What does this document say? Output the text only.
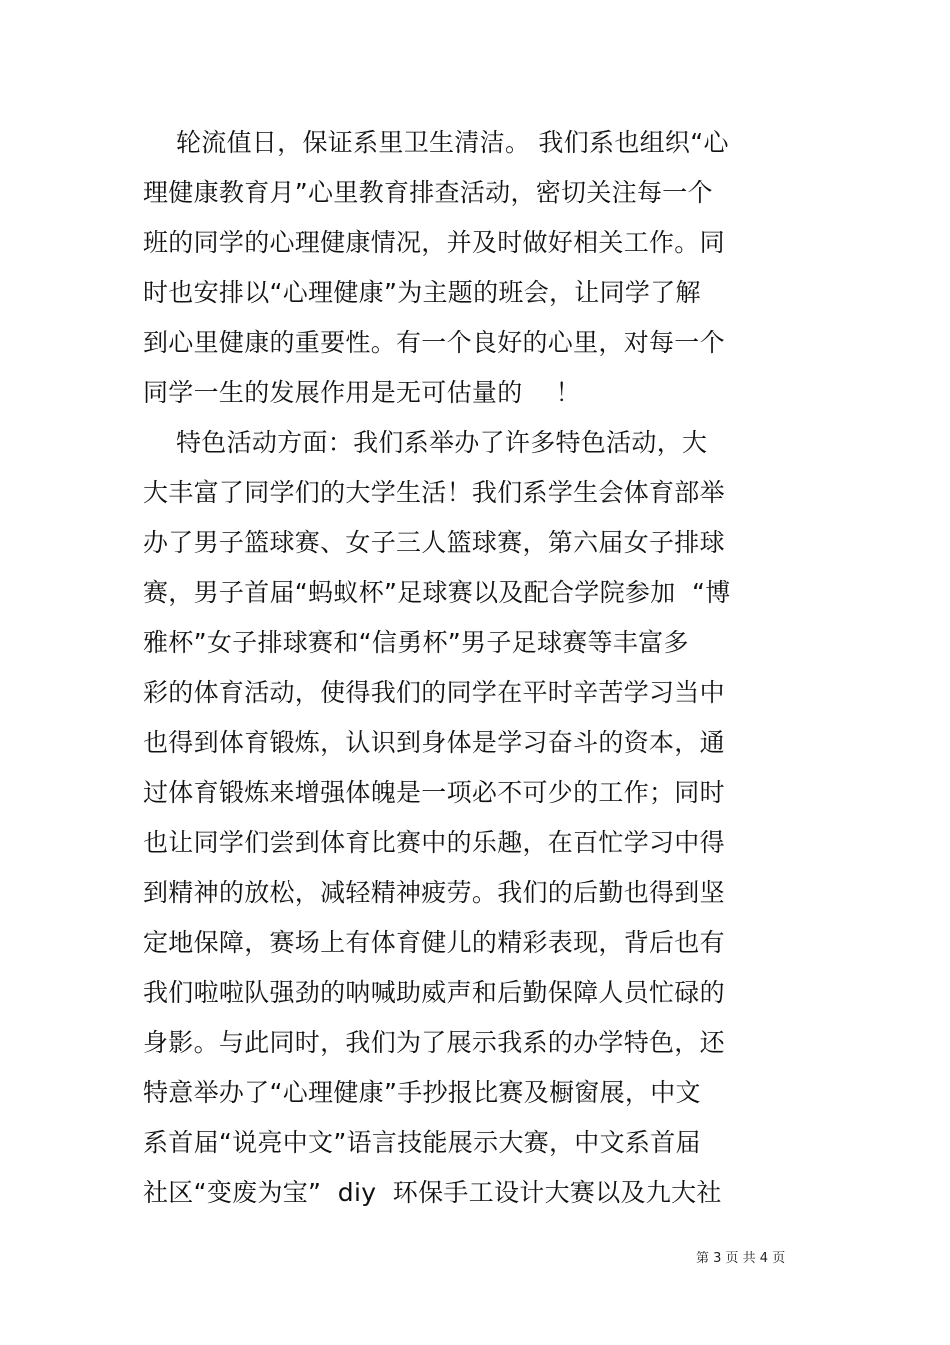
轮流值日，保证系里卫生清洁。 我们系也组织“心
理健康教育月”心里教育排查活动，密切关注每一个
班的同学的心理健康情况，并及时做好相关工作。同
时也安排以“心理健康”为主题的班会，让同学了解
到心里健康的重要性。有一个良好的心里，对每一个
同学一生的发展作用是无可估量的    ！
特色活动方面：我们系举办了许多特色活动，大
大丰富了同学们的大学生活！我们系学生会体育部举
办了男子篮球赛、女子三人篮球赛，第六届女子排球
赛，男子首届“蚂蚁杯”足球赛以及配合学院参加  “博
雅杯”女子排球赛和“信勇杯”男子足球赛等丰富多
彩的体育活动，使得我们的同学在平时辛苦学习当中
也得到体育锻炼，认识到身体是学习奋斗的资本，通
过体育锻炼来增强体魄是一项必不可少的工作；同时
也让同学们尝到体育比赛中的乐趣，在百忙学习中得
到精神的放松，减轻精神疲劳。我们的后勤也得到坚
定地保障，赛场上有体育健儿的精彩表现，背后也有
我们啦啦队强劲的呐喊助威声和后勤保障人员忙碌的
身影。与此同时，我们为了展示我系的办学特色，还
特意举办了“心理健康”手抄报比赛及橱窗展，中文
系首届“说亮中文”语言技能展示大赛，中文系首届
社区“变废为宝”  diy  环保手工设计大赛以及九大社
第 3 页 共 4 页
